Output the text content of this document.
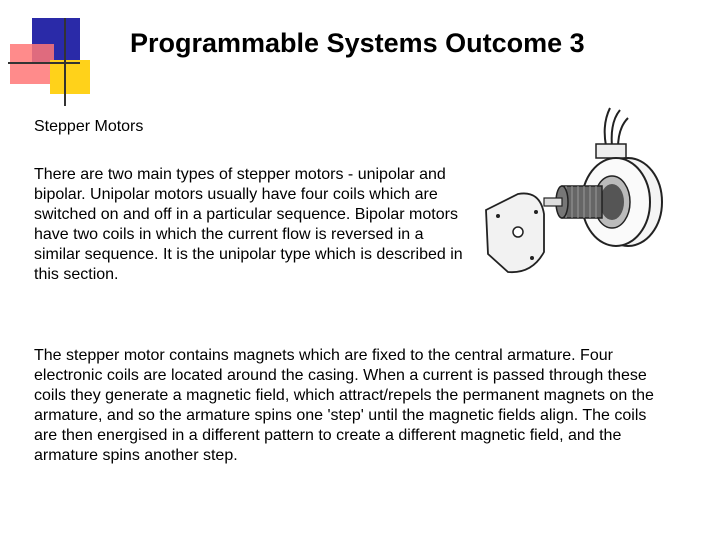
Programmable Systems Outcome 3
Stepper Motors
There are two main types of stepper motors - unipolar and bipolar. Unipolar motors usually have four coils which are switched on and off in a particular sequence. Bipolar motors have two coils in which the current flow is reversed in a similar sequence. It is the unipolar type which is described in this section.
The stepper motor contains magnets which are fixed to the central armature. Four electronic coils are located around the casing. When a current is passed through these coils they generate a magnetic field, which attract/repels the permanent magnets on the armature, and so the armature spins one 'step' until the magnetic fields align. The coils are then energised in a different pattern to create a different magnetic field, and the armature spins another step.
